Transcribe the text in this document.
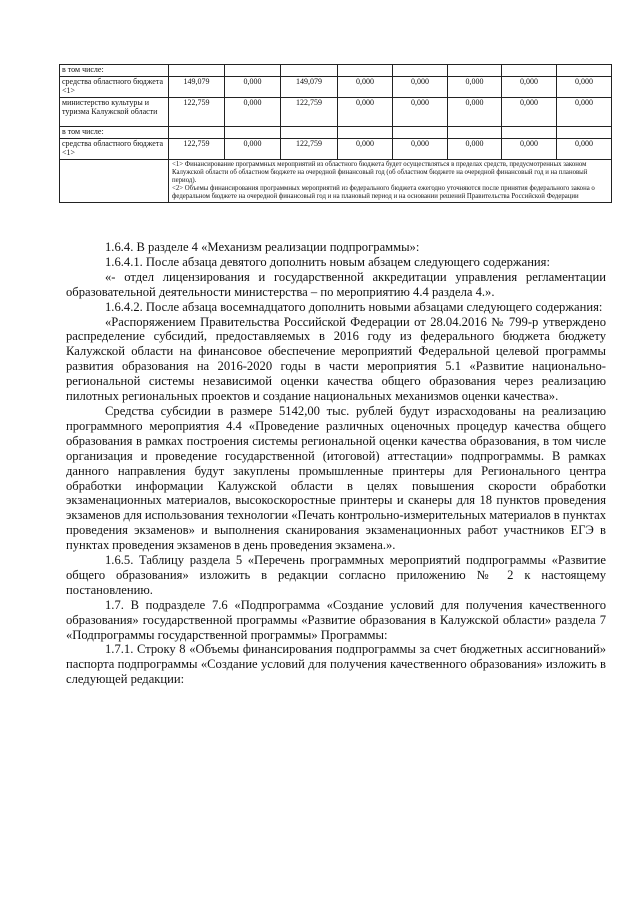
в том числе:								
средства областного бюджета <1>	149,079	0,000	149,079	0,000	0,000	0,000	0,000	0,000
министерство культуры и туризма Калужской области	122,759	0,000	122,759	0,000	0,000	0,000	0,000	0,000
в том числе:								
средства областного бюджета <1>	122,759	0,000	122,759	0,000	0,000	0,000	0,000	0,000

	<1> Финансирование программных мероприятий из областного бюджета будет осуществляться в пределах средств, предусмотренных законом Калужской области об областном бюджете на очередной финансовый год (об областном бюджете на очередной финансовый год и на плановый период).
<2> Объемы финансирования программных мероприятий из федерального бюджета ежегодно уточняются после принятия федерального закона о федеральном бюджете на очередной финансовый год и на плановый период и на основании решений Правительства Российской Федерации							

1.6.4. В разделе 4 «Механизм реализации подпрограммы»:

1.6.4.1. После абзаца девятого дополнить новым абзацем следующего содержания:

«- отдел лицензирования и государственной аккредитации управления регламентации образовательной деятельности министерства – по мероприятию 4.4 раздела 4.».

1.6.4.2. После абзаца восемнадцатого дополнить новыми абзацами следующего содержания:

«Распоряжением Правительства Российской Федерации от 28.04.2016 № 799-р утверждено распределение субсидий, предоставляемых в 2016 году из федерального бюджета бюджету Калужской области на финансовое обеспечение мероприятий Федеральной целевой программы развития образования на 2016-2020 годы в части мероприятия 5.1 «Развитие национально-региональной системы независимой оценки качества общего образования через реализацию пилотных региональных проектов и создание национальных механизмов оценки качества».

Средства субсидии в размере 5142,00 тыс. рублей будут израсходованы на реализацию программного мероприятия 4.4 «Проведение различных оценочных процедур качества общего образования в рамках построения системы региональной оценки качества образования, в том числе организация и проведение государственной (итоговой) аттестации» подпрограммы. В рамках данного направления будут закуплены промышленные принтеры для Регионального центра обработки информации Калужской области в целях повышения скорости обработки экзаменационных материалов, высокоскоростные принтеры и сканеры для 18 пунктов проведения экзаменов для использования технологии «Печать контрольно-измерительных материалов в пунктах проведения экзаменов» и выполнения сканирования экзаменационных работ участников ЕГЭ в пунктах проведения экзаменов в день проведения экзамена.».

1.6.5. Таблицу раздела 5 «Перечень программных мероприятий подпрограммы «Развитие общего образования» изложить в редакции согласно приложению № 2 к настоящему постановлению.

1.7. В подразделе 7.6 «Подпрограмма «Создание условий для получения качественного образования» государственной программы «Развитие образования в Калужской области» раздела 7 «Подпрограммы государственной программы» Программы:

1.7.1. Строку 8 «Объемы финансирования подпрограммы за счет бюджетных ассигнований» паспорта подпрограммы «Создание условий для получения качественного образования» изложить в следующей редакции:
